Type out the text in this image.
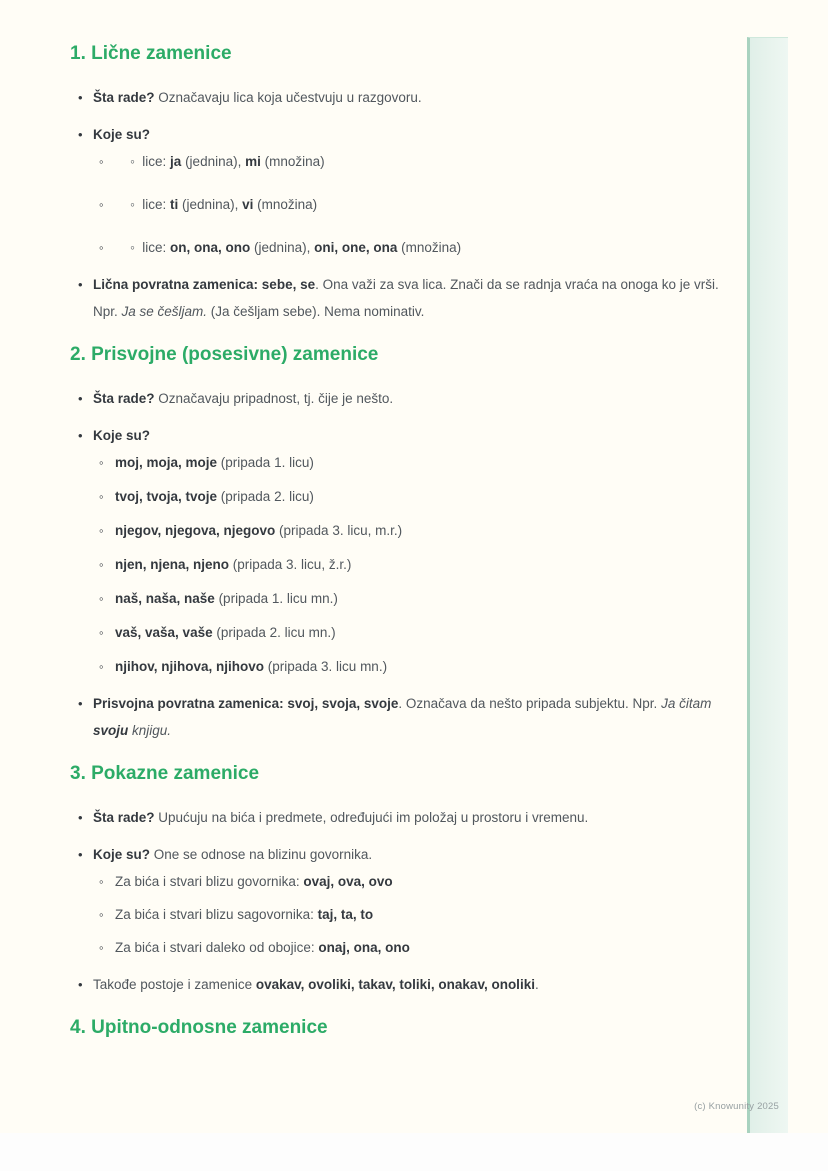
1. Lične zamenice
• Šta rade? Označavaju lica koja učestvuju u razgovoru.
• Koje su?
◦	◦  lice: ja (jednina), mi (množina)
◦	◦  lice: ti (jednina), vi (množina)
◦	◦  lice: on, ona, ono (jednina), oni, one, ona (množina)
• Lična povratna zamenica: sebe, se. Ona važi za sva lica. Znači da se radnja vraća na onoga ko je vrši. Npr. Ja se češljam. (Ja češljam sebe). Nema nominativ.
2. Prisvojne (posesivne) zamenice
• Šta rade? Označavaju pripadnost, tj. čije je nešto.
• Koje su?
◦ moj, moja, moje (pripada 1. licu)
◦ tvoj, tvoja, tvoje (pripada 2. licu)
◦ njegov, njegova, njegovo (pripada 3. licu, m.r.)
◦ njen, njena, njeno (pripada 3. licu, ž.r.)
◦ naš, naša, naše (pripada 1. licu mn.)
◦ vaš, vaša, vaše (pripada 2. licu mn.)
◦ njihov, njihova, njihovo (pripada 3. licu mn.)
• Prisvojna povratna zamenica: svoj, svoja, svoje. Označava da nešto pripada subjektu. Npr. Ja čitam svoju knjigu.
3. Pokazne zamenice
• Šta rade? Upućuju na bića i predmete, određujući im položaj u prostoru i vremenu.
• Koje su? One se odnose na blizinu govornika.
◦ Za bića i stvari blizu govornika: ovaj, ova, ovo
◦ Za bića i stvari blizu sagovornika: taj, ta, to
◦ Za bića i stvari daleko od obojice: onaj, ona, ono
• Takođe postoje i zamenice ovakav, ovoliki, takav, toliki, onakav, onoliki.
4. Upitno-odnosne zamenice
(c) Knowunity 2025
